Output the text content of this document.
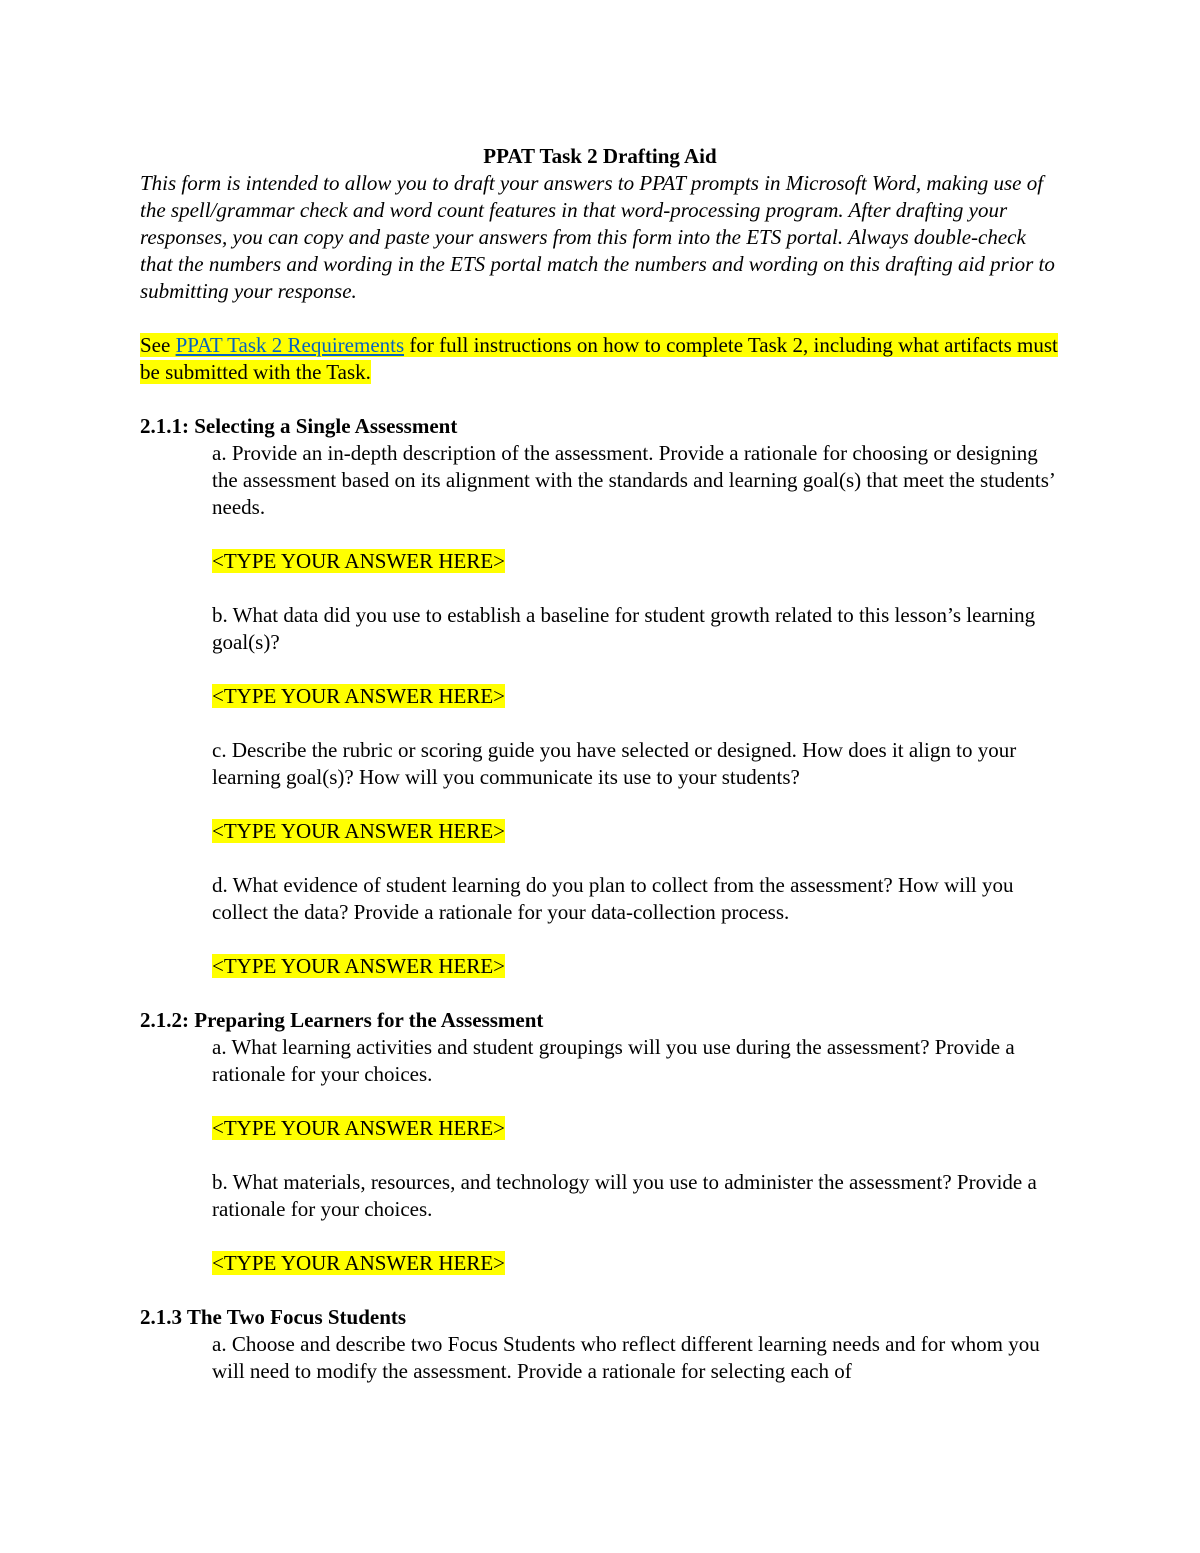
PPAT Task 2 Drafting Aid

This form is intended to allow you to draft your answers to PPAT prompts in Microsoft Word, making use of the spell/grammar check and word count features in that word-processing program. After drafting your responses, you can copy and paste your answers from this form into the ETS portal. Always double-check that the numbers and wording in the ETS portal match the numbers and wording on this drafting aid prior to submitting your response.

See PPAT Task 2 Requirements for full instructions on how to complete Task 2, including what artifacts must be submitted with the Task.

2.1.1: Selecting a Single Assessment

a. Provide an in-depth description of the assessment. Provide a rationale for choosing or designing the assessment based on its alignment with the standards and learning goal(s) that meet the students’ needs.

<TYPE YOUR ANSWER HERE>

b. What data did you use to establish a baseline for student growth related to this lesson’s learning goal(s)?

<TYPE YOUR ANSWER HERE>

c. Describe the rubric or scoring guide you have selected or designed. How does it align to your learning goal(s)? How will you communicate its use to your students?

<TYPE YOUR ANSWER HERE>

d. What evidence of student learning do you plan to collect from the assessment? How will you collect the data? Provide a rationale for your data-collection process.

<TYPE YOUR ANSWER HERE>

2.1.2: Preparing Learners for the Assessment

a. What learning activities and student groupings will you use during the assessment? Provide a rationale for your choices.

<TYPE YOUR ANSWER HERE>

b. What materials, resources, and technology will you use to administer the assessment? Provide a rationale for your choices.

<TYPE YOUR ANSWER HERE>

2.1.3 The Two Focus Students

a. Choose and describe two Focus Students who reflect different learning needs and for whom you will need to modify the assessment. Provide a rationale for selecting each of
